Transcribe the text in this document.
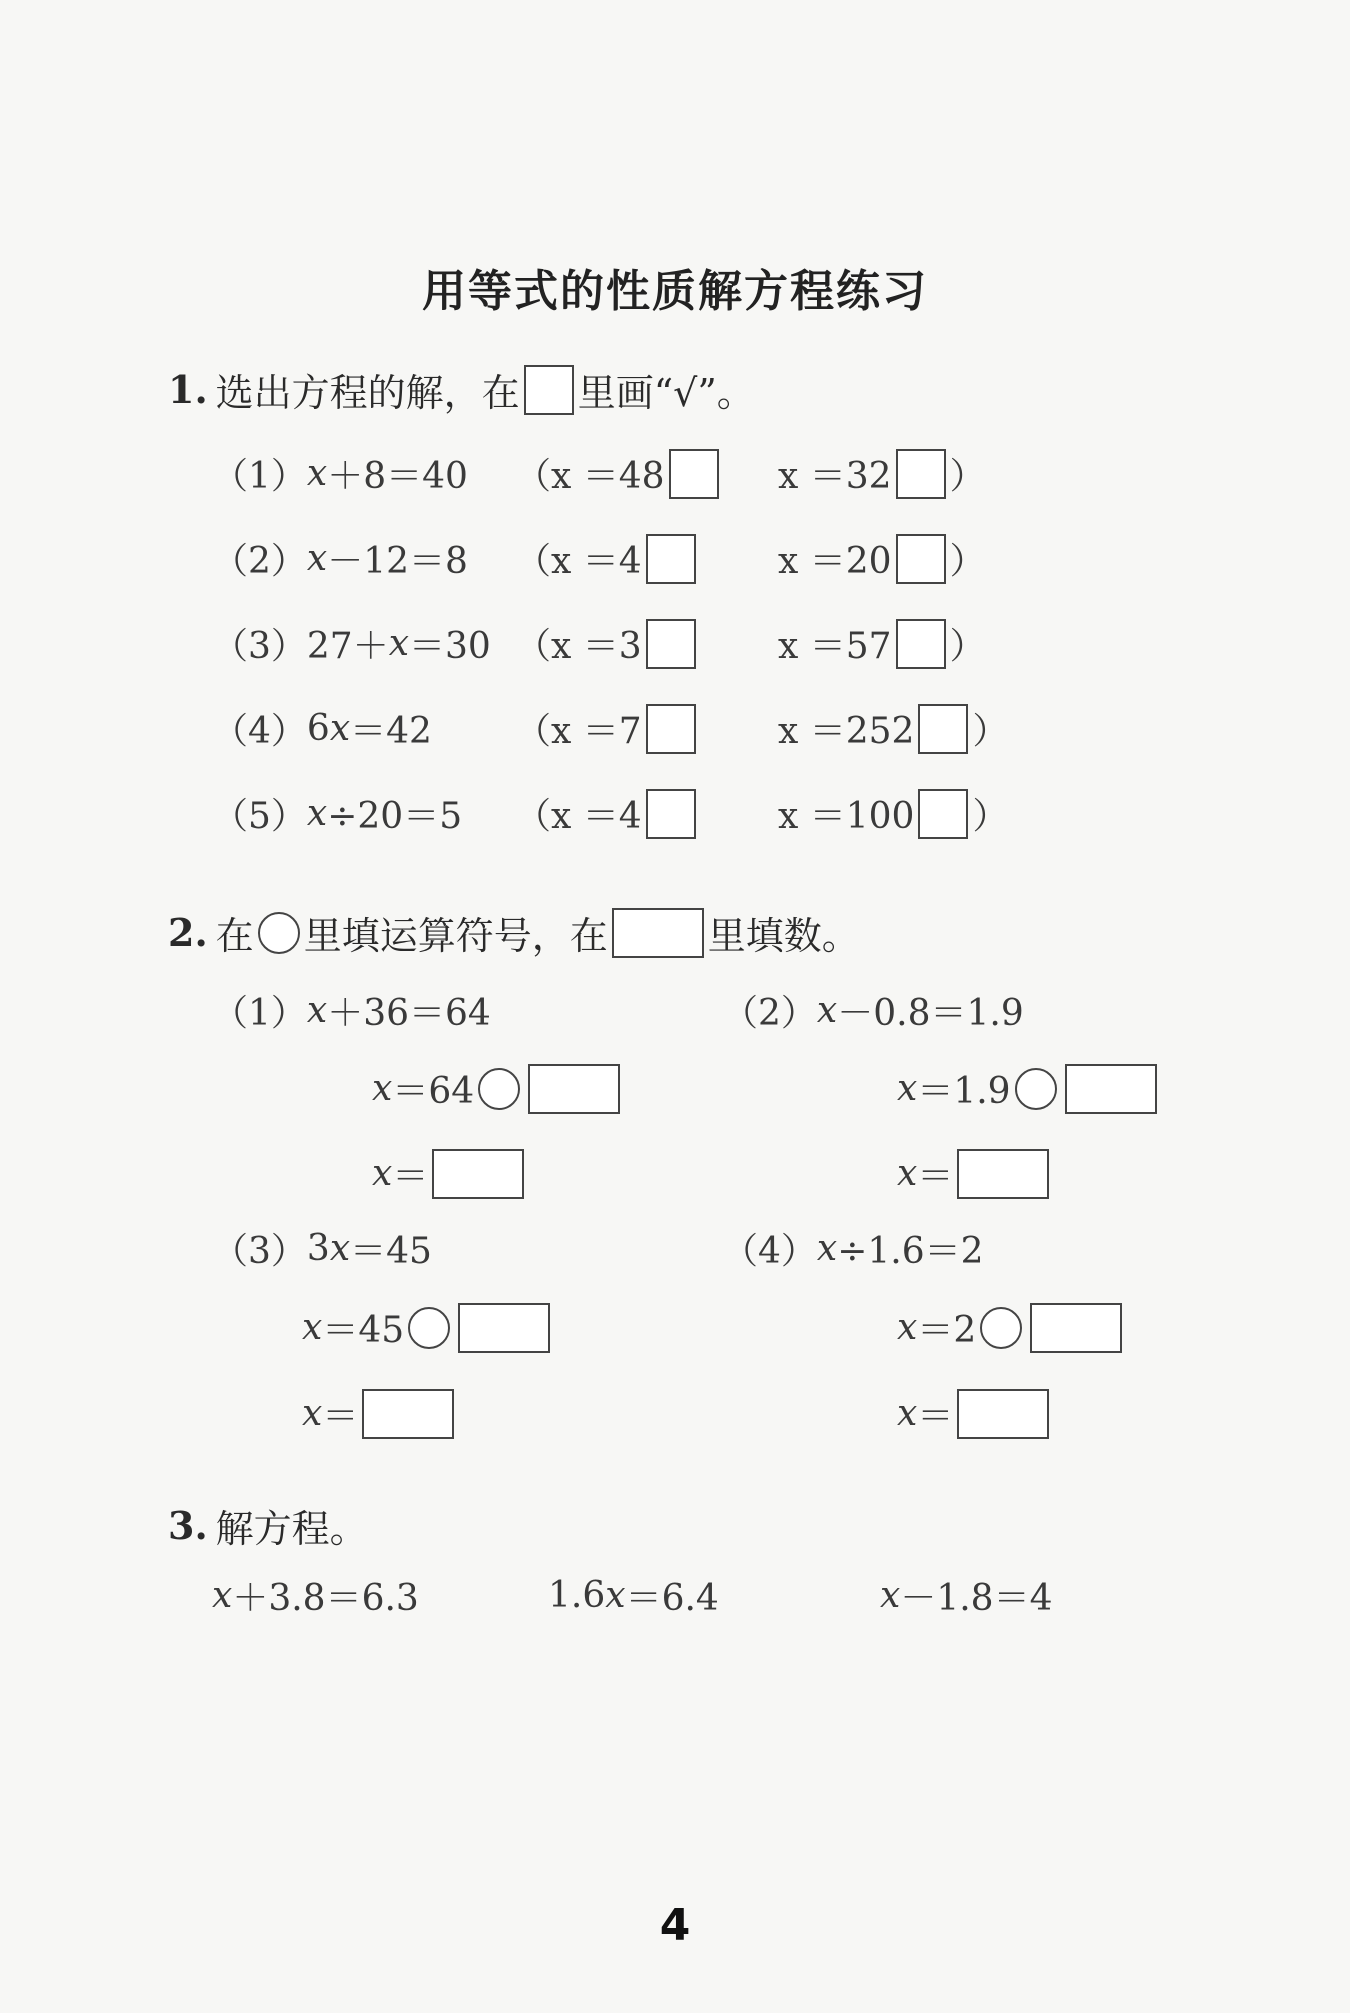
用等式的性质解方程练习
1. 选出方程的解，在 里画“√”。
（1） x ＋8＝40 （ x ＝48	x ＝32 ）
（2） x －12＝8 （ x ＝4	x ＝20 ）
（3） 27＋ x ＝30 （ x ＝3	x ＝57 ）
（4） 6 x ＝42 （ x ＝7	x ＝252 ）
（5） x ÷20＝5 （ x ＝4	x ＝100 ）
2. 在 里填运算符号，在	里填数。
（1） x ＋36＝64
x ＝64
x ＝
（2） x －0.8＝1.9
x ＝1.9
x ＝
（3） 3 x ＝45
x ＝45
x ＝
（4） x ÷1.6＝2
x ＝2
x ＝
3. 解方程。
x ＋3.8＝6.3	1.6 x ＝6.4	x －1.8＝4
4
